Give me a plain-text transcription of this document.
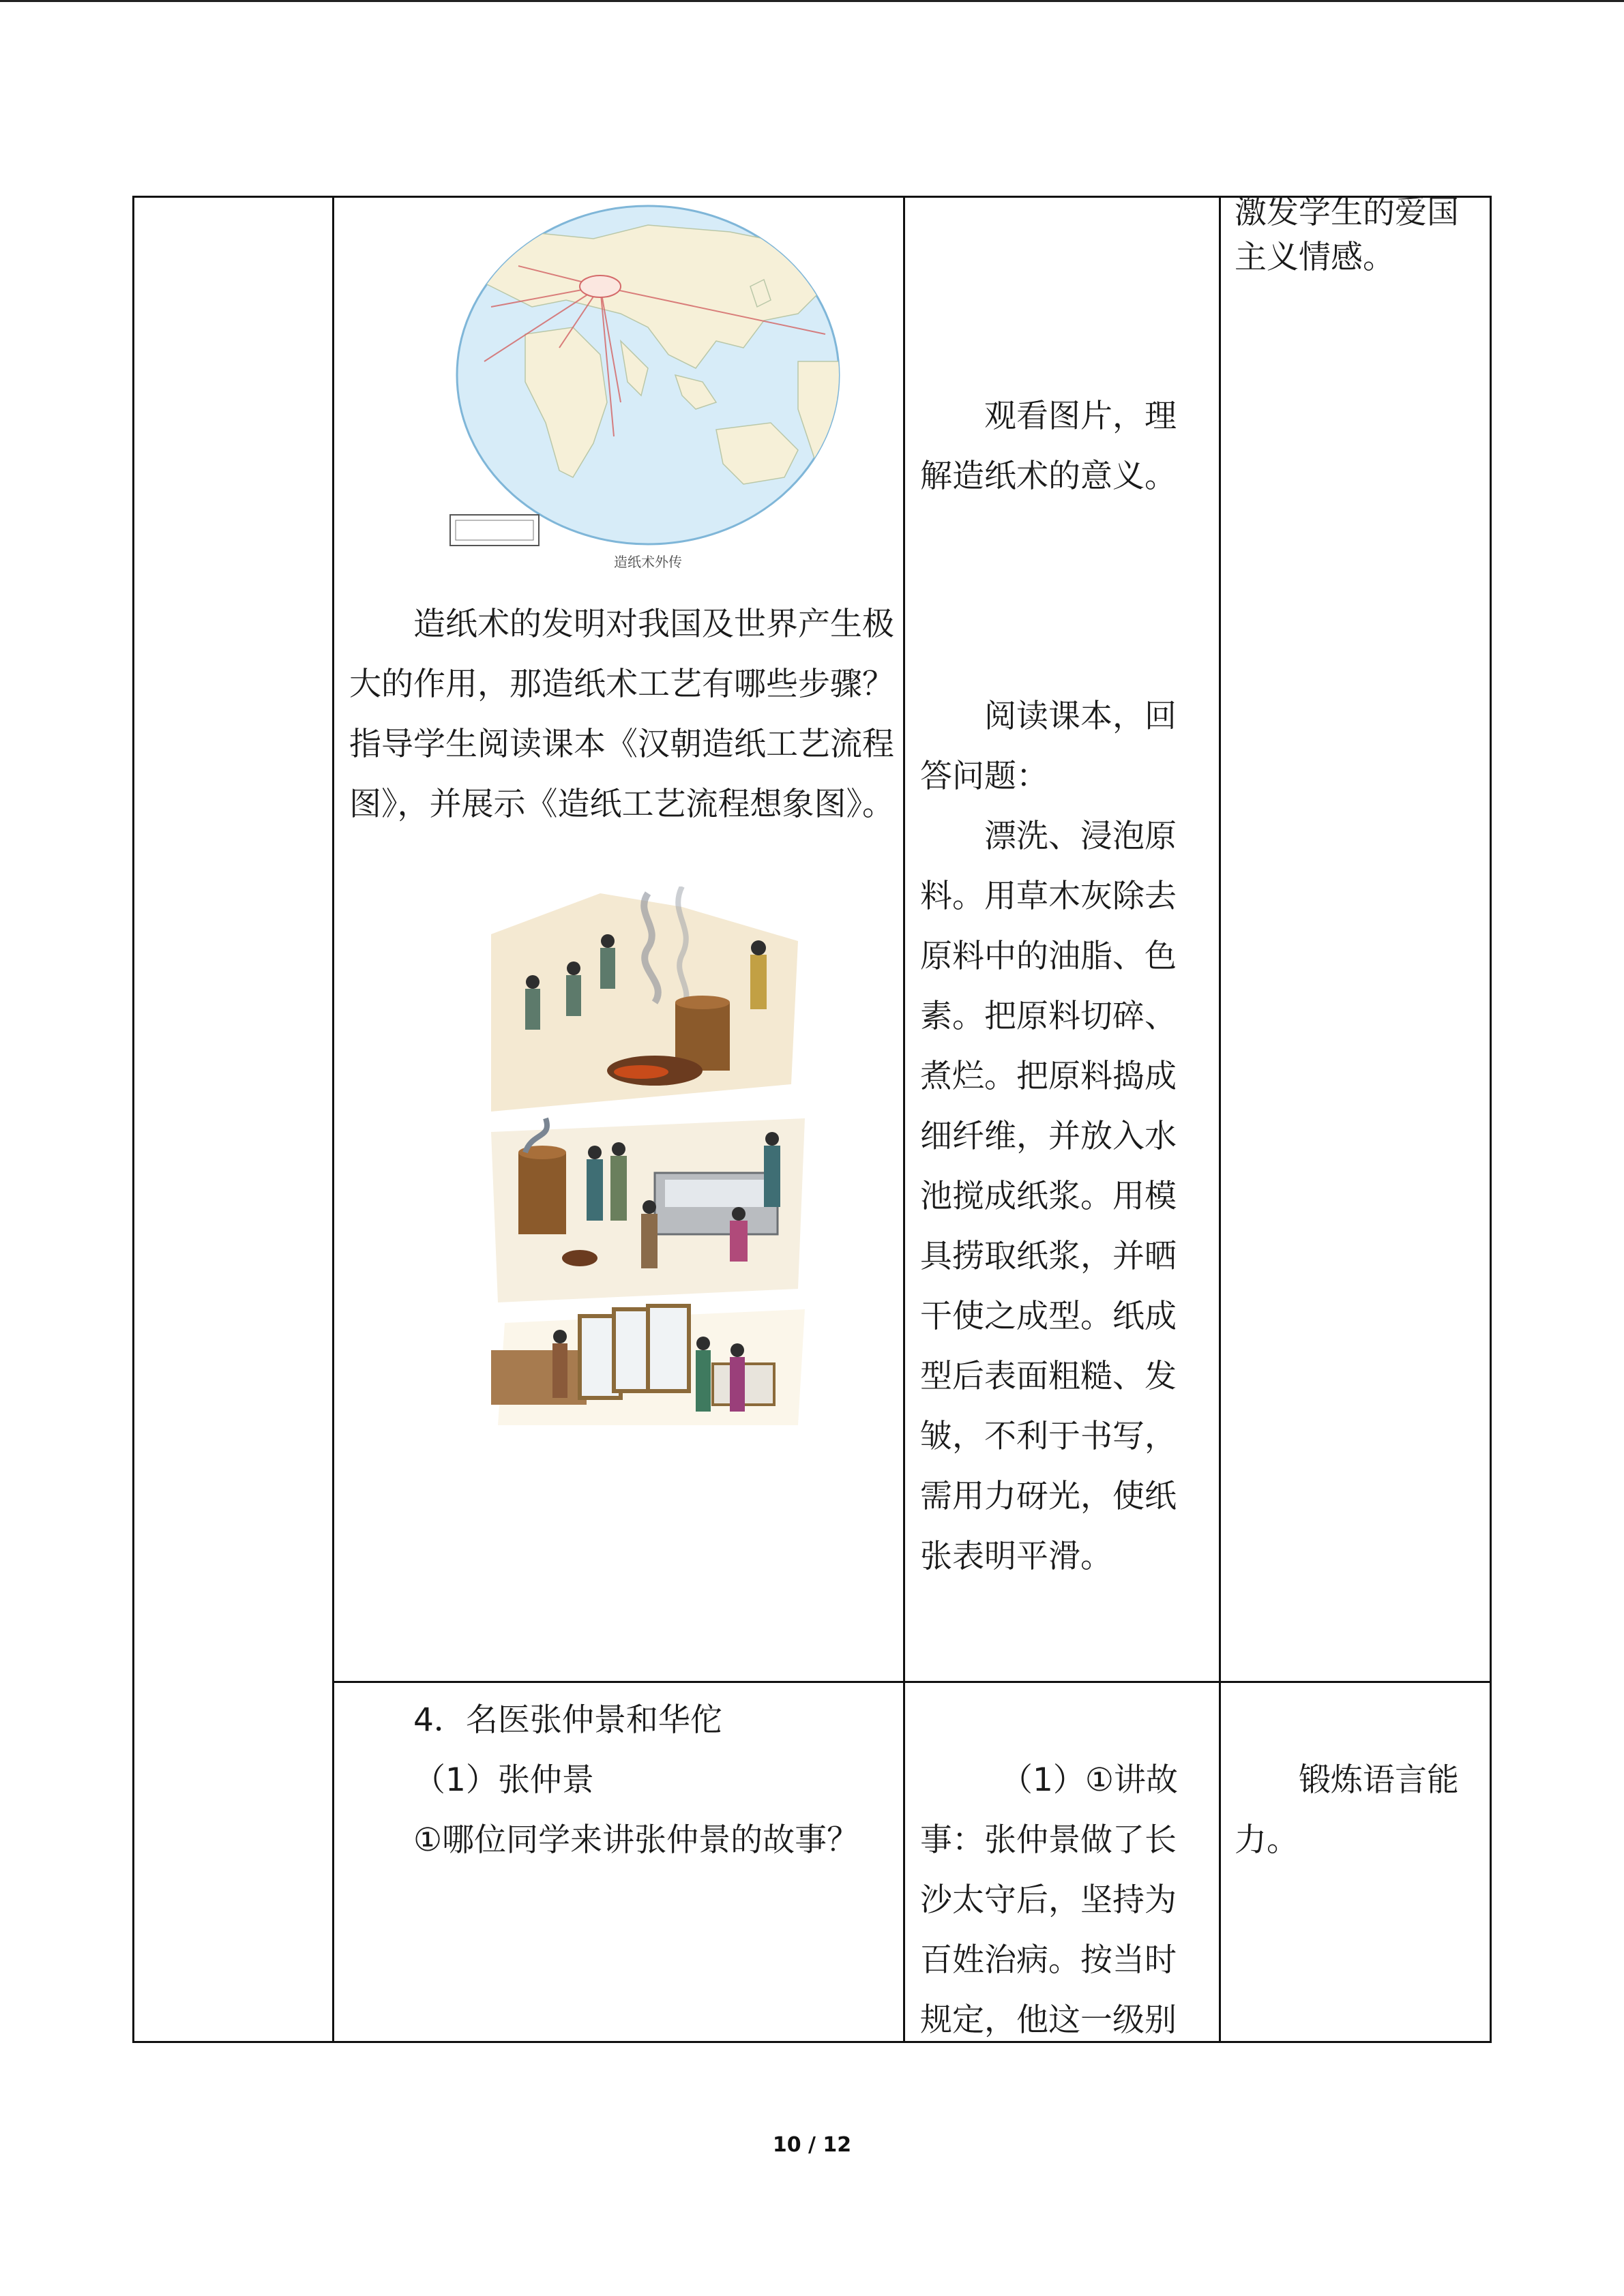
造纸术外传
造纸术的发明对我国及世界产生极大的作用，那造纸术工艺有哪些步骤？指导学生阅读课本《汉朝造纸工艺流程图》，并展示《造纸工艺流程想象图》。
观看图片，理解造纸术的意义。
阅读课本，回答问题：
漂洗、浸泡原料。用草木灰除去原料中的油脂、色素。把原料切碎、煮烂。把原料捣成细纤维，并放入水池搅成纸浆。用模具捞取纸浆，并晒干使之成型。纸成型后表面粗糙、发皱，不利于书写，需用力砑光，使纸张表明平滑。
激发学生的爱国主义情感。
4．名医张仲景和华佗
（1）张仲景
①哪位同学来讲张仲景的故事？
（1）①讲故事：张仲景做了长沙太守后，坚持为百姓治病。按当时规定，他这一级别
锻炼语言能力。
10 / 12
